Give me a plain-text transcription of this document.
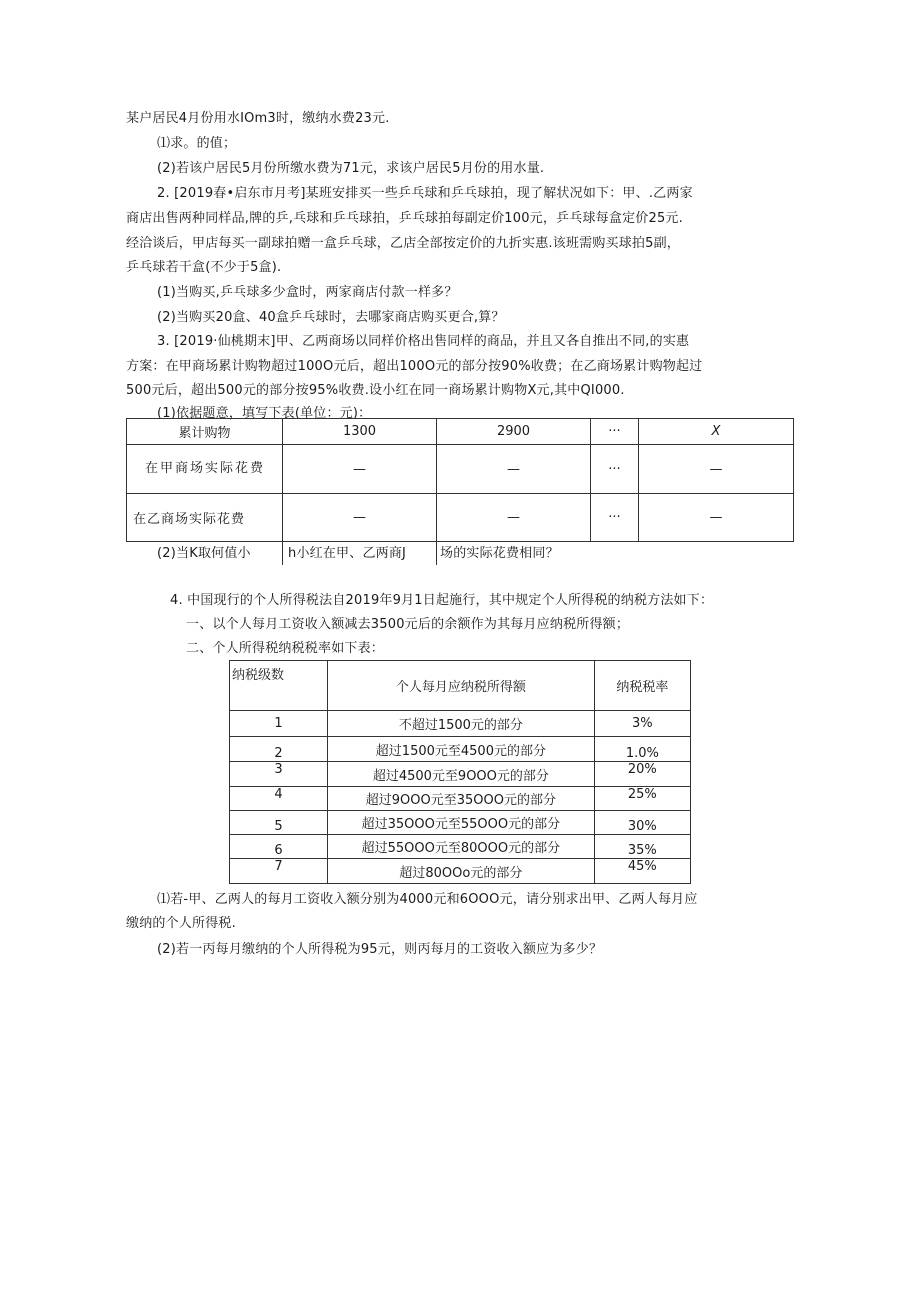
某户居民4月份用水IOm3时，缴纳水费23元.
⑴求。的值；
(2)若该户居民5月份所缴水费为71元，求该户居民5月份的用水量.
2. [2019春•启东市月考]某班安排买一些乒乓球和乒乓球拍，现了解状况如下：甲、.乙两家
商店出售两种同样品,牌的乒,乓球和乒乓球拍，乒乓球拍每副定价100元，乒乓球每盒定价25元.
经洽谈后，甲店每买一副球拍赠一盒乒乓球，乙店全部按定价的九折实惠.该班需购买球拍5副，
乒乓球若干盒(不少于5盒).
(1)当购买,乒乓球多少盒时，两家商店付款一样多？
(2)当购买20盒、40盒乒乓球时，去哪家商店购买更合,算？
3. [2019·仙桃期末]甲、乙两商场以同样价格出售同样的商品，并且又各自推出不同,的实惠
方案：在甲商场累计购物超过100O元后，超出100O元的部分按90%收费；在乙商场累计购物起过
500元后，超出500元的部分按95%收费.设小红在同一商场累计购物X元,其中QI000.
(1)依据题意，填写下表(单位：元)：
累计购物	1300	2900	···	X
在甲商场实际花费	—	—	···	—
在乙商场实际花费	—	—	···	—
(2)当K取何值小	h小红在甲、乙两商J	场的实际花费相同？
4. 中国现行的个人所得税法自2019年9月1日起施行，其中规定个人所得税的纳税方法如下：
一、以个人每月工资收入额减去3500元后的余额作为其每月应纳税所得额；
二、个人所得税纳税税率如下表：
纳税级数	个人每月应纳税所得额	纳税税率
1	不超过1500元的部分	3%
2	超过1500元至4500元的部分	1.0%
3	超过4500元至9OOO元的部分	20%
4	超过9OOO元至35OOO元的部分	25%
5	超过35OOO元至55OOO元的部分	30%
6	超过55OOO元至80OOO元的部分	35%
7	超过80OOo元的部分	45%
⑴若-甲、乙两人的每月工资收入额分别为4000元和6OOO元，请分别求出甲、乙两人每月应
缴纳的个人所得税.
(2)若一丙每月缴纳的个人所得税为95元，则丙每月的工资收入额应为多少？
